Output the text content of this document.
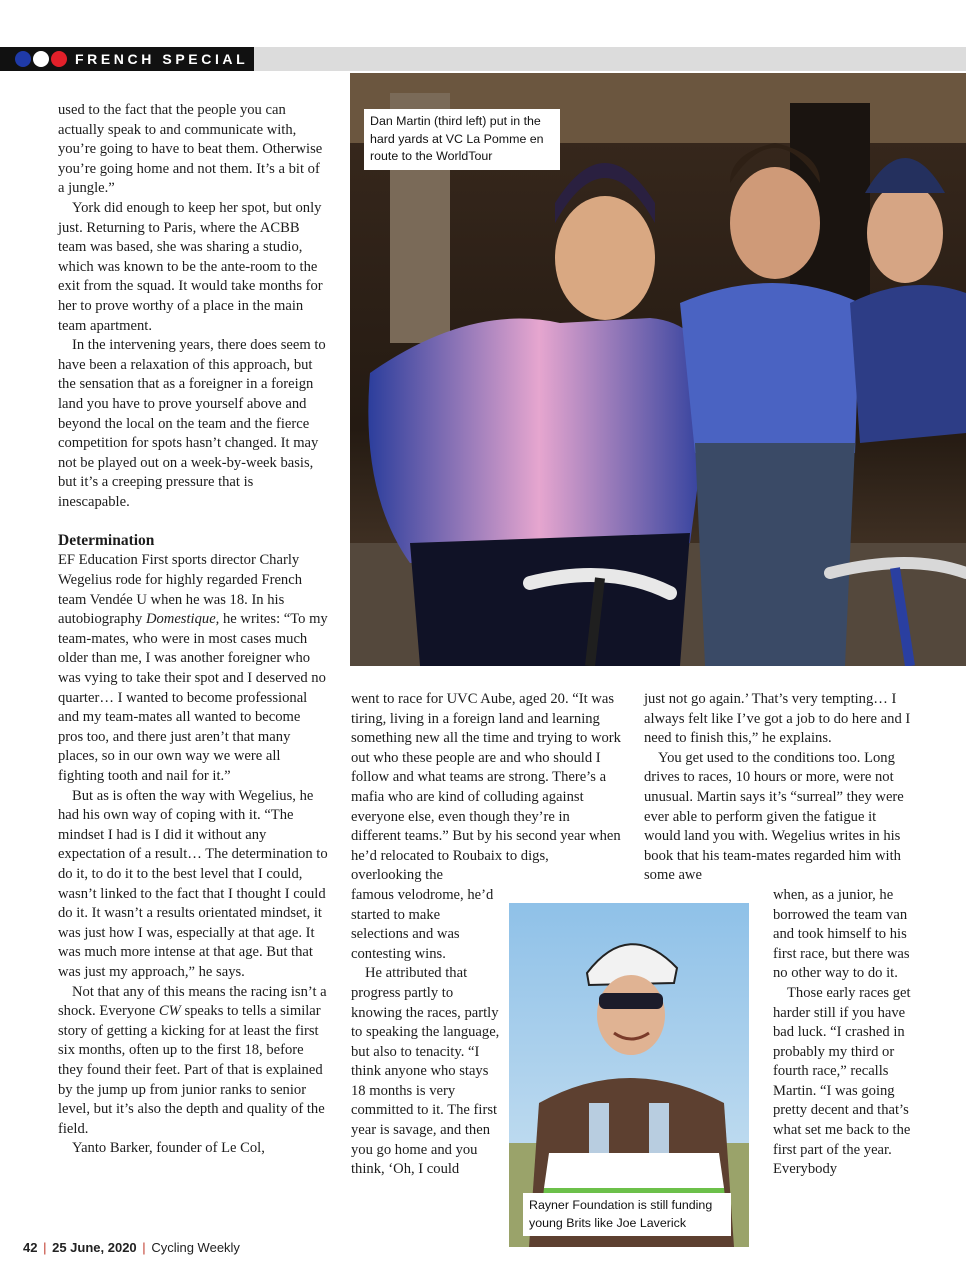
FRENCH SPECIAL

used to the fact that the people you can actually speak to and communicate with, you’re going to have to beat them. Otherwise you’re going home and not them. It’s a bit of a jungle.”

York did enough to keep her spot, but only just. Returning to Paris, where the ACBB team was based, she was sharing a studio, which was known to be the ante-room to the exit from the squad. It would take months for her to prove worthy of a place in the main team apartment.

In the intervening years, there does seem to have been a relaxation of this approach, but the sensation that as a foreigner in a foreign land you have to prove yourself above and beyond the local on the team and the fierce competition for spots hasn’t changed. It may not be played out on a week-by-week basis, but it’s a creeping pressure that is inescapable.

Determination

EF Education First sports director Charly Wegelius rode for highly regarded French team Vendée U when he was 18. In his autobiography Domestique, he writes: “To my team-mates, who were in most cases much older than me, I was another foreigner who was vying to take their spot and I deserved no quarter… I wanted to become professional and my team-mates all wanted to become pros too, and there just aren’t that many places, so in our own way we were all fighting tooth and nail for it.”

But as is often the way with Wegelius, he had his own way of coping with it. “The mindset I had is I did it without any expectation of a result… The determination to do it, to do it to the best level that I could, wasn’t linked to the fact that I thought I could do it. It wasn’t a results orientated mindset, it was just how I was, especially at that age. It was much more intense at that age. But that was just my approach,” he says.

Not that any of this means the racing isn’t a shock. Everyone CW speaks to tells a similar story of getting a kicking for at least the first six months, often up to the first 18, before they found their feet. Part of that is explained by the jump up from junior ranks to senior level, but it’s also the depth and quality of the field.

Yanto Barker, founder of Le Col,

Dan Martin (third left) put in the hard yards at VC La Pomme en route to the WorldTour

went to race for UVC Aube, aged 20. “It was tiring, living in a foreign land and learning something new all the time and trying to work out who these people are and who should I follow and what teams are strong. There’s a mafia who are kind of colluding against everyone else, even though they’re in different teams.” But by his second year when he’d relocated to Roubaix to digs, overlooking the

famous velodrome, he’d started to make selections and was contesting wins.

He attributed that progress partly to knowing the races, partly to speaking the language, but also to tenacity. “I think anyone who stays 18 months is very committed to it. The first year is savage, and then you go home and you think, ‘Oh, I could

Rayner Foundation is still funding young Brits like Joe Laverick

just not go again.’ That’s very tempting… I always felt like I’ve got a job to do here and I need to finish this,” he explains.

You get used to the conditions too. Long drives to races, 10 hours or more, were not unusual. Martin says it’s “surreal” they were ever able to perform given the fatigue it would land you with. Wegelius writes in his book that his team-mates regarded him with some awe

when, as a junior, he borrowed the team van and took himself to his first race, but there was no other way to do it.

Those early races get harder still if you have bad luck. “I crashed in probably my third or fourth race,” recalls Martin. “I was going pretty decent and that’s what set me back to the first part of the year. Everybody

42 | 25 June, 2020 | Cycling Weekly
